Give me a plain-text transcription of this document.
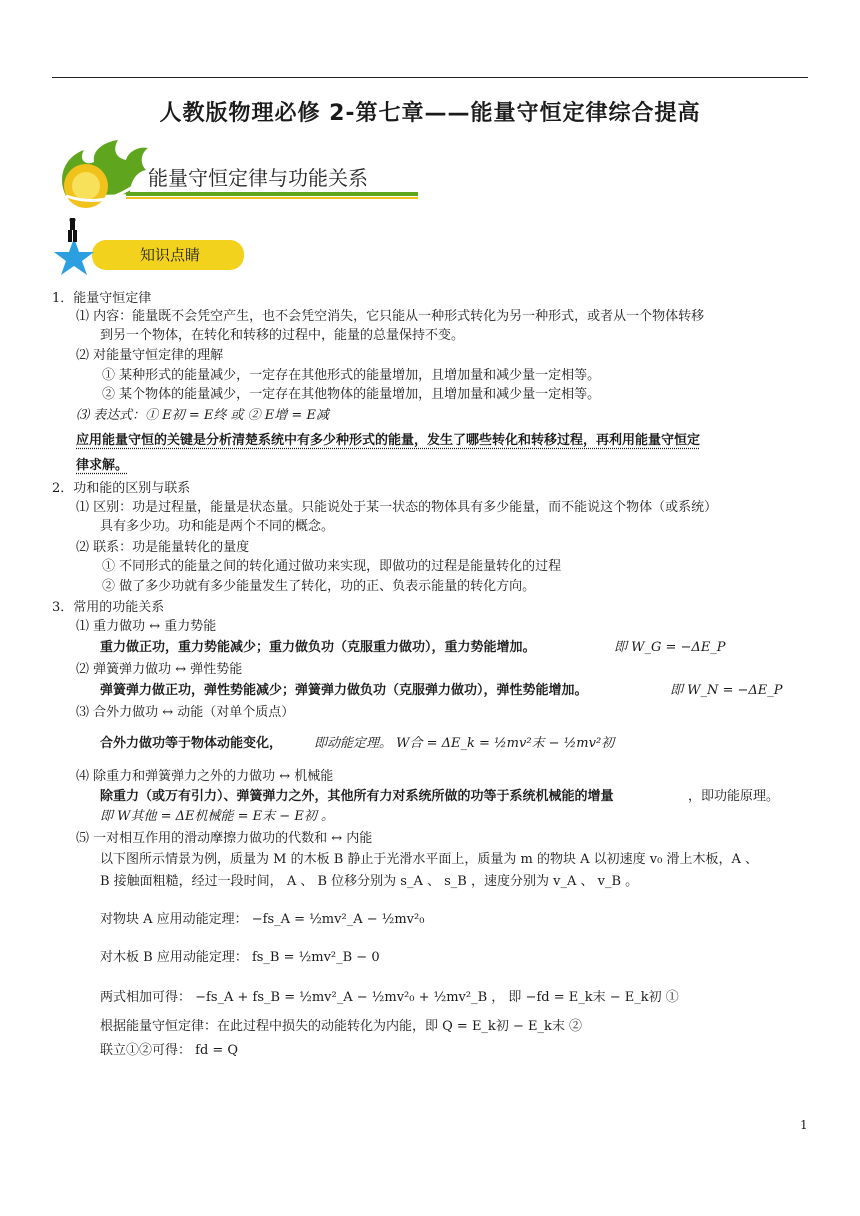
人教版物理必修 2-第七章——能量守恒定律综合提高
能量守恒定律与功能关系
知识点睛
1．能量守恒定律
⑴ 内容：能量既不会凭空产生，也不会凭空消失，它只能从一种形式转化为另一种形式，或者从一个物体转移
到另一个物体，在转化和转移的过程中，能量的总量保持不变。
⑵ 对能量守恒定律的理解
① 某种形式的能量减少，一定存在其他形式的能量增加，且增加量和减少量一定相等。
② 某个物体的能量减少，一定存在其他物体的能量增加，且增加量和减少量一定相等。
⑶ 表达式：① E初 = E终 或 ② E增 = E减
应用能量守恒的关键是分析清楚系统中有多少种形式的能量，发生了哪些转化和转移过程，再利用能量守恒定
律求解。
2．功和能的区别与联系
⑴ 区别：功是过程量，能量是状态量。只能说处于某一状态的物体具有多少能量，而不能说这个物体（或系统）
具有多少功。功和能是两个不同的概念。
⑵ 联系：功是能量转化的量度
① 不同形式的能量之间的转化通过做功来实现，即做功的过程是能量转化的过程
② 做了多少功就有多少能量发生了转化，功的正、负表示能量的转化方向。
3．常用的功能关系
⑴ 重力做功 ↔ 重力势能
重力做正功，重力势能减少；重力做负功（克服重力做功），重力势能增加。	即 W_G = −ΔE_P
⑵ 弹簧弹力做功 ↔ 弹性势能
弹簧弹力做正功，弹性势能减少；弹簧弹力做负功（克服弹力做功），弹性势能增加。	即 W_N = −ΔE_P
⑶ 合外力做功 ↔ 动能（对单个质点）
合外力做功等于物体动能变化， 即动能定理。 W合 = ΔE_k = ½mv²末 − ½mv²初
⑷ 除重力和弹簧弹力之外的力做功 ↔ 机械能
除重力（或万有引力）、弹簧弹力之外，其他所有力对系统所做的功等于系统机械能的增量	，即功能原理。
即 W其他 = ΔE机械能 = E末 − E初 。
⑸ 一对相互作用的滑动摩擦力做功的代数和 ↔ 内能
以下图所示情景为例，质量为 M 的木板 B 静止于光滑水平面上，质量为 m 的物块 A 以初速度 v₀ 滑上木板，A 、
B 接触面粗糙，经过一段时间， A 、 B 位移分别为 s_A 、 s_B ，速度分别为 v_A 、 v_B 。
对物块 A 应用动能定理： −fs_A = ½mv²_A − ½mv²₀
对木板 B 应用动能定理： fs_B = ½mv²_B − 0
两式相加可得： −fs_A + fs_B = ½mv²_A − ½mv²₀ + ½mv²_B ， 即 −fd = E_k末 − E_k初 ①
根据能量守恒定律：在此过程中损失的动能转化为内能，即 Q = E_k初 − E_k末 ②
联立①②可得： fd = Q
1
